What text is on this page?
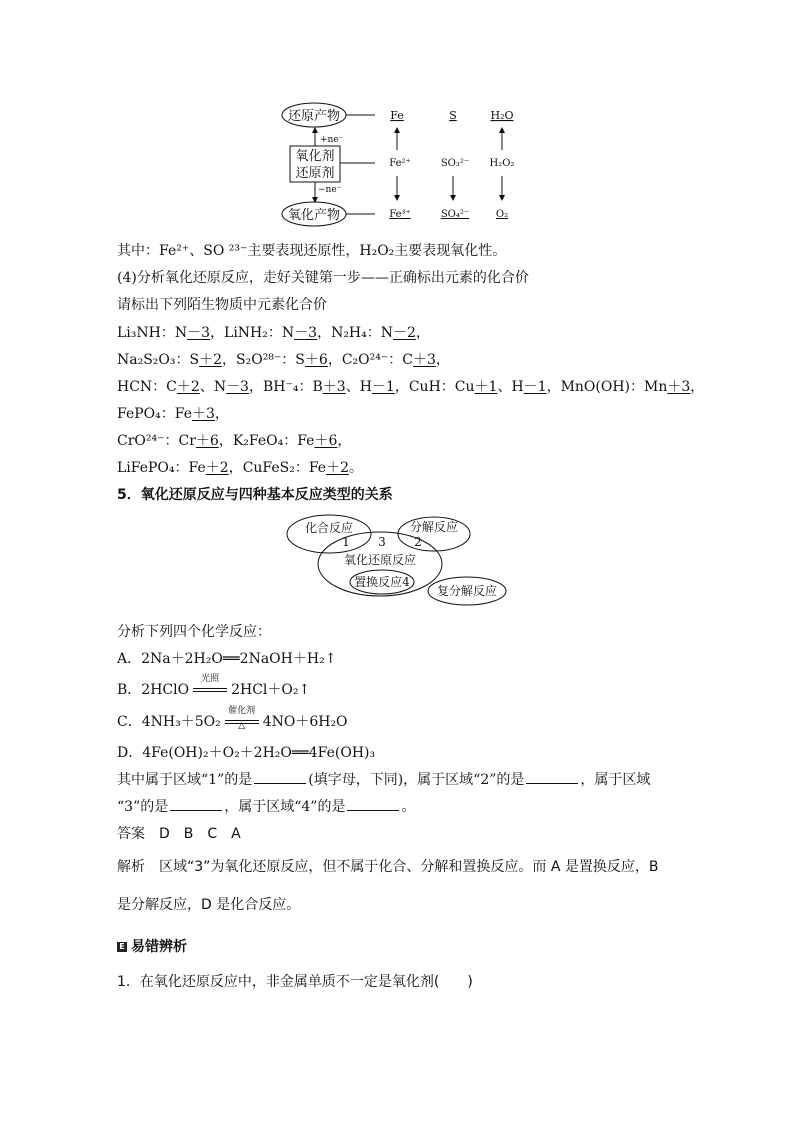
还原产物
氧化剂
还原剂
+ne⁻
−ne⁻
氧化产物
Fe
Fe²⁺
Fe³⁺
S
SO₃²⁻
SO₄²⁻
H₂O
H₂O₂
O₂
其中：Fe²⁺、SO ²³⁻主要表现还原性，H₂O₂主要表现氧化性。
(4)分析氧化还原反应，走好关键第一步——正确标出元素的化合价
请标出下列陌生物质中元素化合价
Li₃NH：N－3，LiNH₂：N－3，N₂H₄：N－2，
Na₂S₂O₃：S＋2，S₂O²⁸⁻：S＋6，C₂O²⁴⁻：C＋3，
HCN：C＋2、N－3，BH⁻₄：B＋3、H－1，CuH：Cu＋1、H－1，MnO(OH)：Mn＋3，
FePO₄：Fe＋3，
CrO²⁴⁻：Cr＋6，K₂FeO₄：Fe＋6，
LiFePO₄：Fe＋2，CuFeS₂：Fe＋2。
5．氧化还原反应与四种基本反应类型的关系
化合反应	分解反应
1 3 2
氧化还原反应
置换反应4
复分解反应
分析下列四个化学反应：
A．2Na＋2H₂O══2NaOH＋H₂↑
B．2HClO
光照
2HCl＋O₂↑
C．4NH₃＋5O₂
催化剂
△	4NO＋6H₂O
D．4Fe(OH)₂＋O₂＋2H₂O══4Fe(OH)₃
其中属于区域“1”的是	(填字母，下同)，属于区域“2”的是	，属于区域
“3”的是	，属于区域“4”的是	。
答案　D　B　C　A
解析　区域“3”为氧化还原反应，但不属于化合、分解和置换反应。而 A 是置换反应，B
是分解反应，D 是化合反应。
E 易错辨析
1．在氧化还原反应中，非金属单质不一定是氧化剂(　　)
